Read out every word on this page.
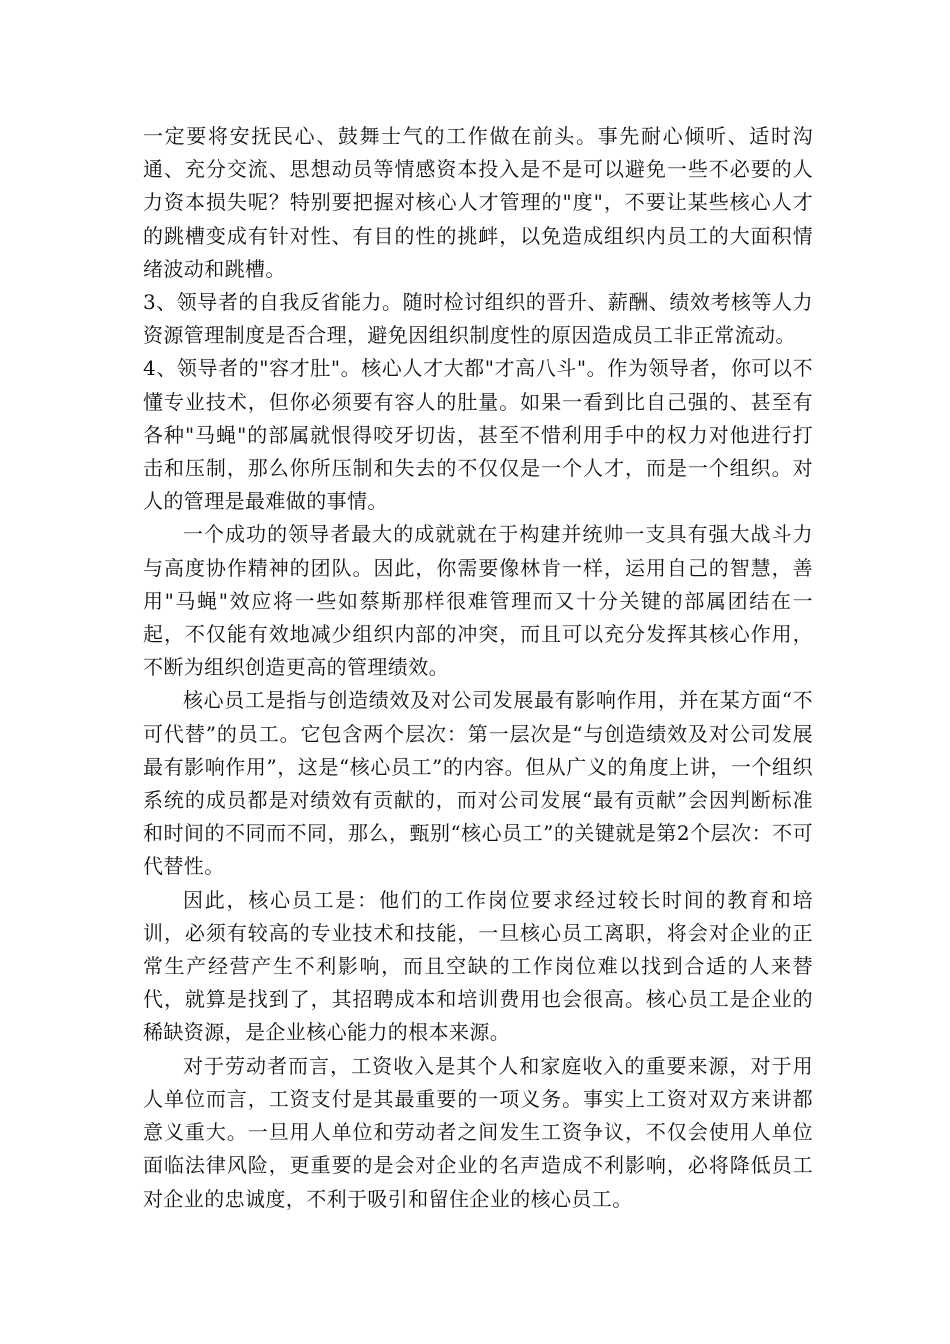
一定要将安抚民心、鼓舞士气的工作做在前头。事先耐心倾听、适时沟通、充分交流、思想动员等情感资本投入是不是可以避免一些不必要的人力资本损失呢？特别要把握对核心人才管理的"度"，不要让某些核心人才的跳槽变成有针对性、有目的性的挑衅，以免造成组织内员工的大面积情绪波动和跳槽。

3、领导者的自我反省能力。随时检讨组织的晋升、薪酬、绩效考核等人力资源管理制度是否合理，避免因组织制度性的原因造成员工非正常流动。

4、领导者的"容才肚"。核心人才大都"才高八斗"。作为领导者，你可以不懂专业技术，但你必须要有容人的肚量。如果一看到比自己强的、甚至有各种"马蝇"的部属就恨得咬牙切齿，甚至不惜利用手中的权力对他进行打击和压制，那么你所压制和失去的不仅仅是一个人才，而是一个组织。对人的管理是最难做的事情。

一个成功的领导者最大的成就就在于构建并统帅一支具有强大战斗力与高度协作精神的团队。因此，你需要像林肯一样，运用自己的智慧，善用"马蝇"效应将一些如蔡斯那样很难管理而又十分关键的部属团结在一起，不仅能有效地减少组织内部的冲突，而且可以充分发挥其核心作用，不断为组织创造更高的管理绩效。

核心员工是指与创造绩效及对公司发展最有影响作用，并在某方面“不可代替”的员工。它包含两个层次：第一层次是“与创造绩效及对公司发展最有影响作用”，这是“核心员工”的内容。但从广义的角度上讲，一个组织系统的成员都是对绩效有贡献的，而对公司发展“最有贡献”会因判断标准和时间的不同而不同，那么，甄别“核心员工”的关键就是第2个层次：不可代替性。

因此，核心员工是：他们的工作岗位要求经过较长时间的教育和培训，必须有较高的专业技术和技能，一旦核心员工离职，将会对企业的正常生产经营产生不利影响，而且空缺的工作岗位难以找到合适的人来替代，就算是找到了，其招聘成本和培训费用也会很高。核心员工是企业的稀缺资源，是企业核心能力的根本来源。

对于劳动者而言，工资收入是其个人和家庭收入的重要来源，对于用人单位而言，工资支付是其最重要的一项义务。事实上工资对双方来讲都意义重大。一旦用人单位和劳动者之间发生工资争议，不仅会使用人单位面临法律风险，更重要的是会对企业的名声造成不利影响，必将降低员工对企业的忠诚度，不利于吸引和留住企业的核心员工。
